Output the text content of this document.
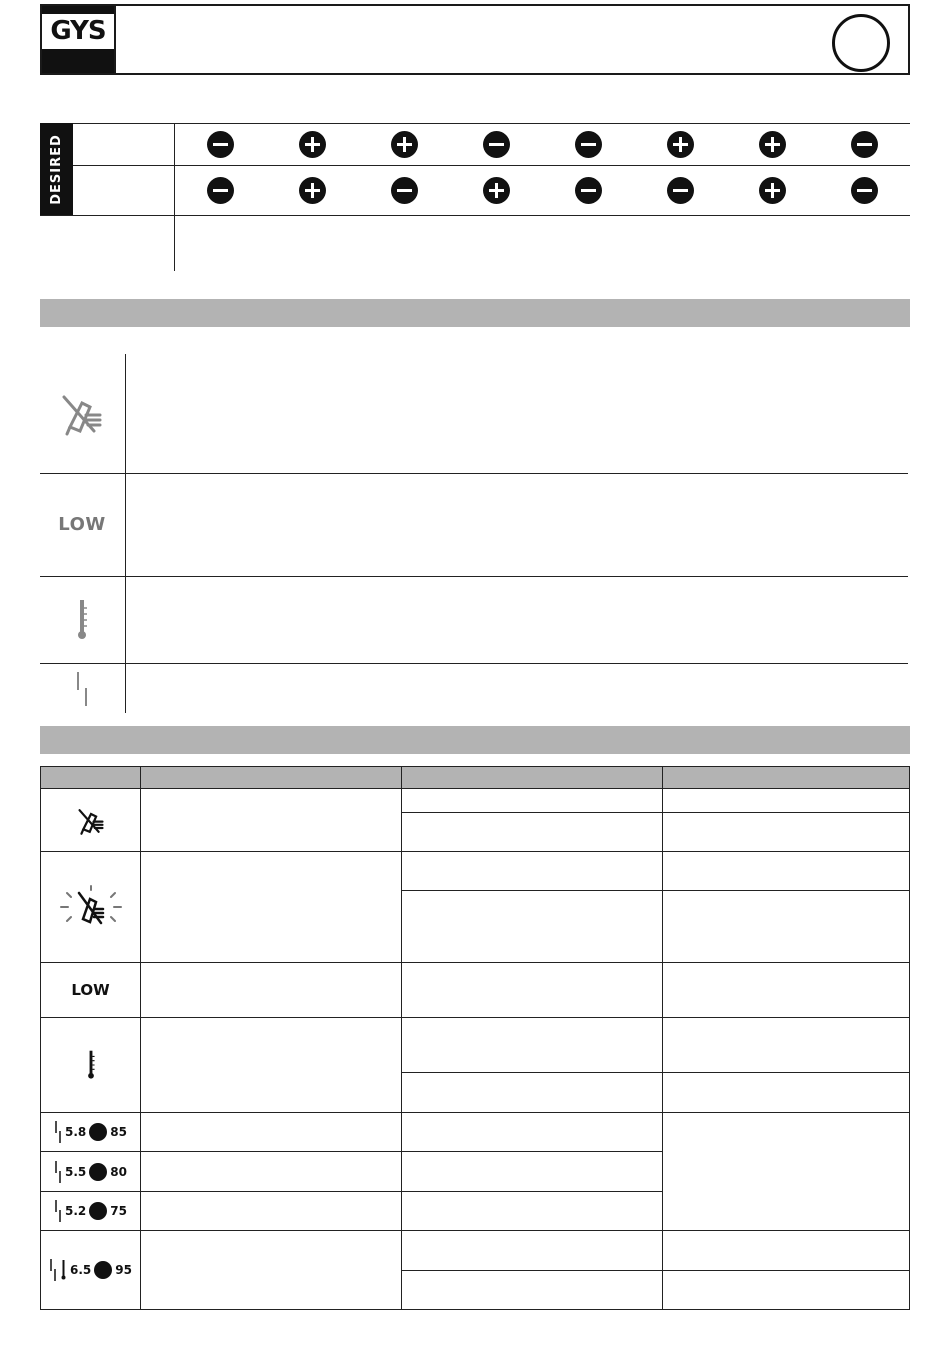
GYS
DESIRED
LOW
LOW
5.8 85
5.5 80
5.2 75
6.5 95
